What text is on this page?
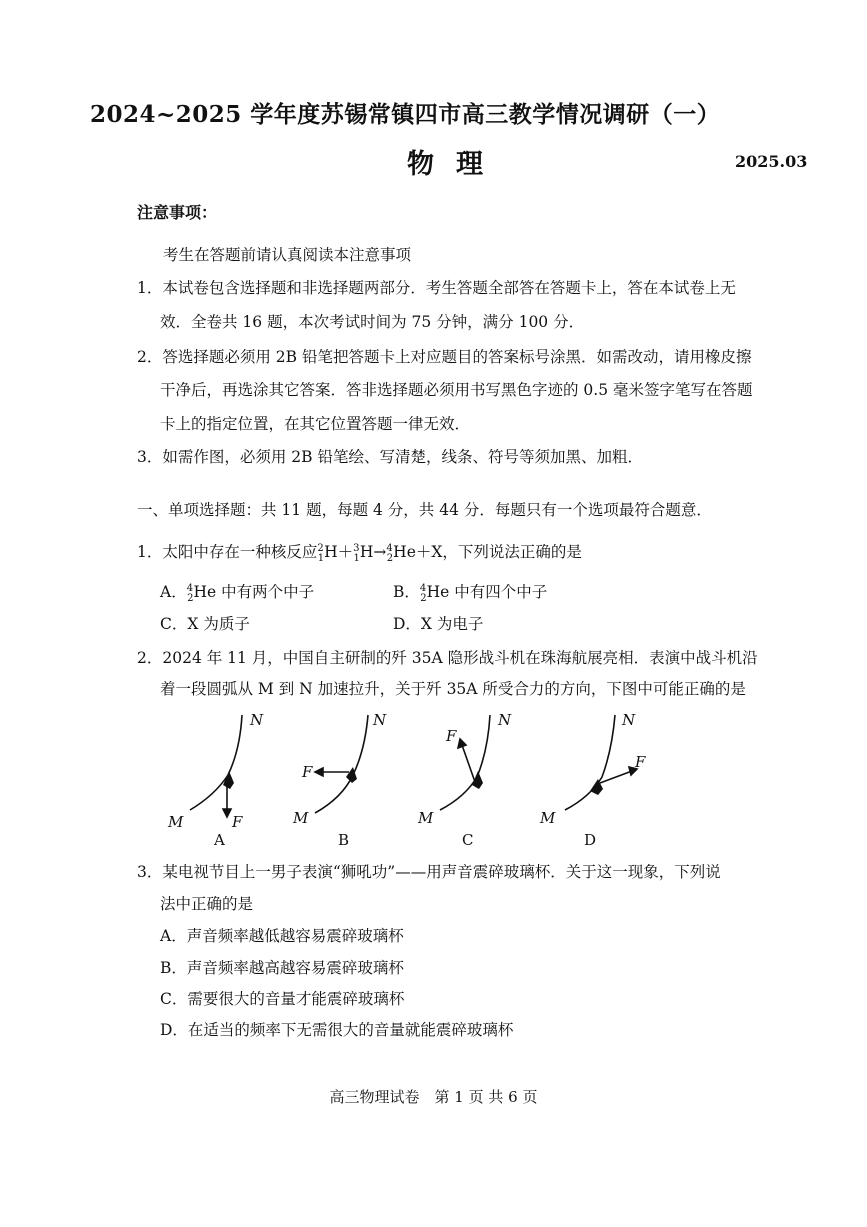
2024~2025 学年度苏锡常镇四市高三教学情况调研（一）
物理	2025.03
注意事项：
考生在答题前请认真阅读本注意事项
1．本试卷包含选择题和非选择题两部分．考生答题全部答在答题卡上，答在本试卷上无
效．全卷共 16 题，本次考试时间为 75 分钟，满分 100 分．
2．答选择题必须用 2B 铅笔把答题卡上对应题目的答案标号涂黑．如需改动，请用橡皮擦
干净后，再选涂其它答案．答非选择题必须用书写黑色字迹的 0.5 毫米签字笔写在答题
卡上的指定位置，在其它位置答题一律无效．
3．如需作图，必须用 2B 铅笔绘、写清楚，线条、符号等须加黑、加粗．
一、单项选择题：共 11 题，每题 4 分，共 44 分．每题只有一个选项最符合题意．
1．太阳中存在一种核反应$^2_1$H＋$^3_1$H→$^4_2$He＋X，下列说法正确的是
A．$^4_2$He 中有两个中子	B．$^4_2$He 中有四个中子
C．X 为质子	D．X 为电子
2．2024 年 11 月，中国自主研制的歼 35A 隐形战斗机在珠海航展亮相．表演中战斗机沿
着一段圆弧从 M 到 N 加速拉升，关于歼 35A 所受合力的方向，下图中可能正确的是
N	N	N	N
M	M	M	M
F
F
F
F
A	B	C	D
3．某电视节目上一男子表演“狮吼功”——用声音震碎玻璃杯．关于这一现象，下列说
法中正确的是
A．声音频率越低越容易震碎玻璃杯
B．声音频率越高越容易震碎玻璃杯
C．需要很大的音量才能震碎玻璃杯
D．在适当的频率下无需很大的音量就能震碎玻璃杯
高三物理试卷　第 1 页 共 6 页
